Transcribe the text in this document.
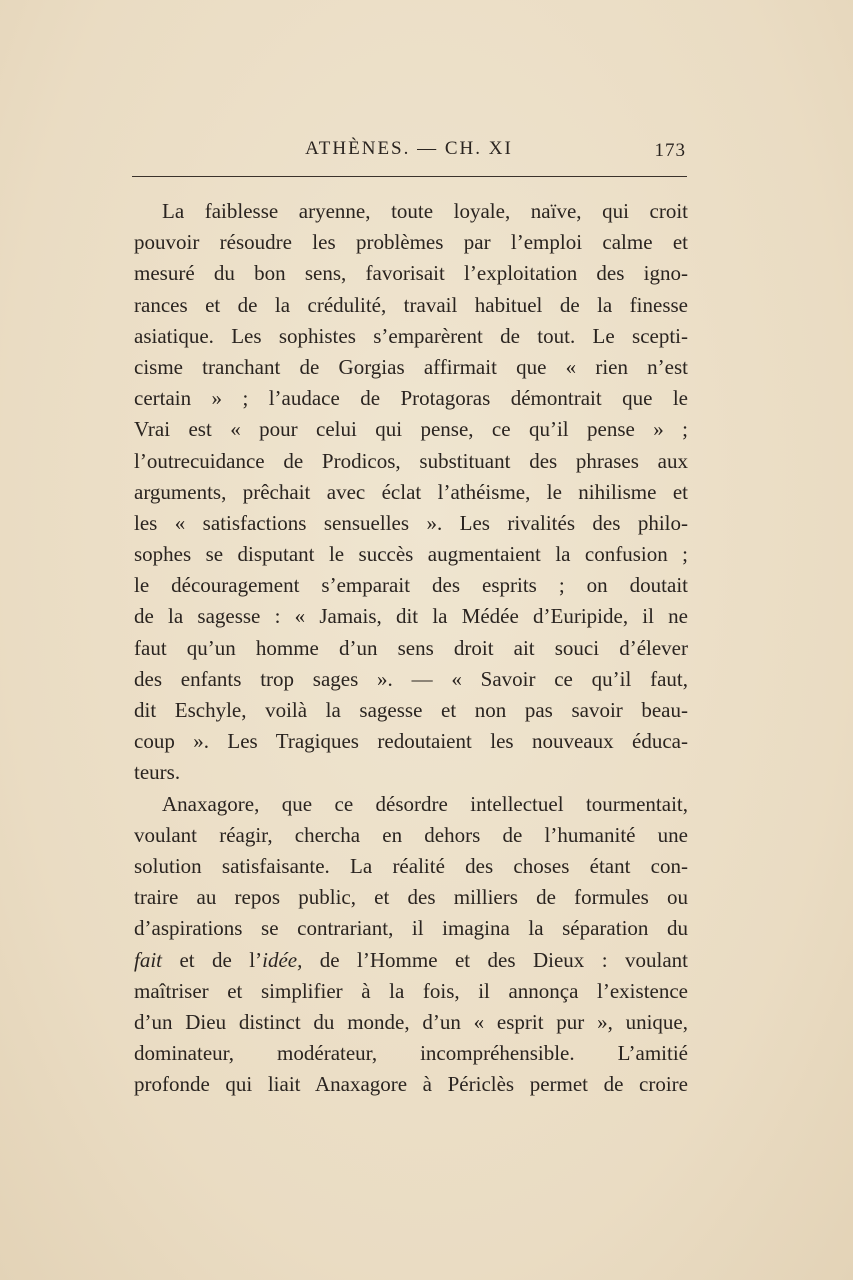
ATHÈNES. — CH. XI	173
La faiblesse aryenne, toute loyale, naïve, qui croit
pouvoir résoudre les problèmes par l’emploi calme et
mesuré du bon sens, favorisait l’exploitation des igno-
rances et de la crédulité, travail habituel de la finesse
asiatique. Les sophistes s’emparèrent de tout. Le scepti-
cisme tranchant de Gorgias affirmait que « rien n’est
certain » ; l’audace de Protagoras démontrait que le
Vrai est « pour celui qui pense, ce qu’il pense » ;
l’outrecuidance de Prodicos, substituant des phrases aux
arguments, prêchait avec éclat l’athéisme, le nihilisme et
les « satisfactions sensuelles ». Les rivalités des philo-
sophes se disputant le succès augmentaient la confusion ;
le découragement s’emparait des esprits ; on doutait
de la sagesse : « Jamais, dit la Médée d’Euripide, il ne
faut qu’un homme d’un sens droit ait souci d’élever
des enfants trop sages ». — « Savoir ce qu’il faut,
dit Eschyle, voilà la sagesse et non pas savoir beau-
coup ». Les Tragiques redoutaient les nouveaux éduca-
teurs.
Anaxagore, que ce désordre intellectuel tourmentait,
voulant réagir, chercha en dehors de l’humanité une
solution satisfaisante. La réalité des choses étant con-
traire au repos public, et des milliers de formules ou
d’aspirations se contrariant, il imagina la séparation du
fait et de l’idée, de l’Homme et des Dieux : voulant
maîtriser et simplifier à la fois, il annonça l’existence
d’un Dieu distinct du monde, d’un « esprit pur », unique,
dominateur, modérateur, incompréhensible. L’amitié
profonde qui liait Anaxagore à Périclès permet de croire
